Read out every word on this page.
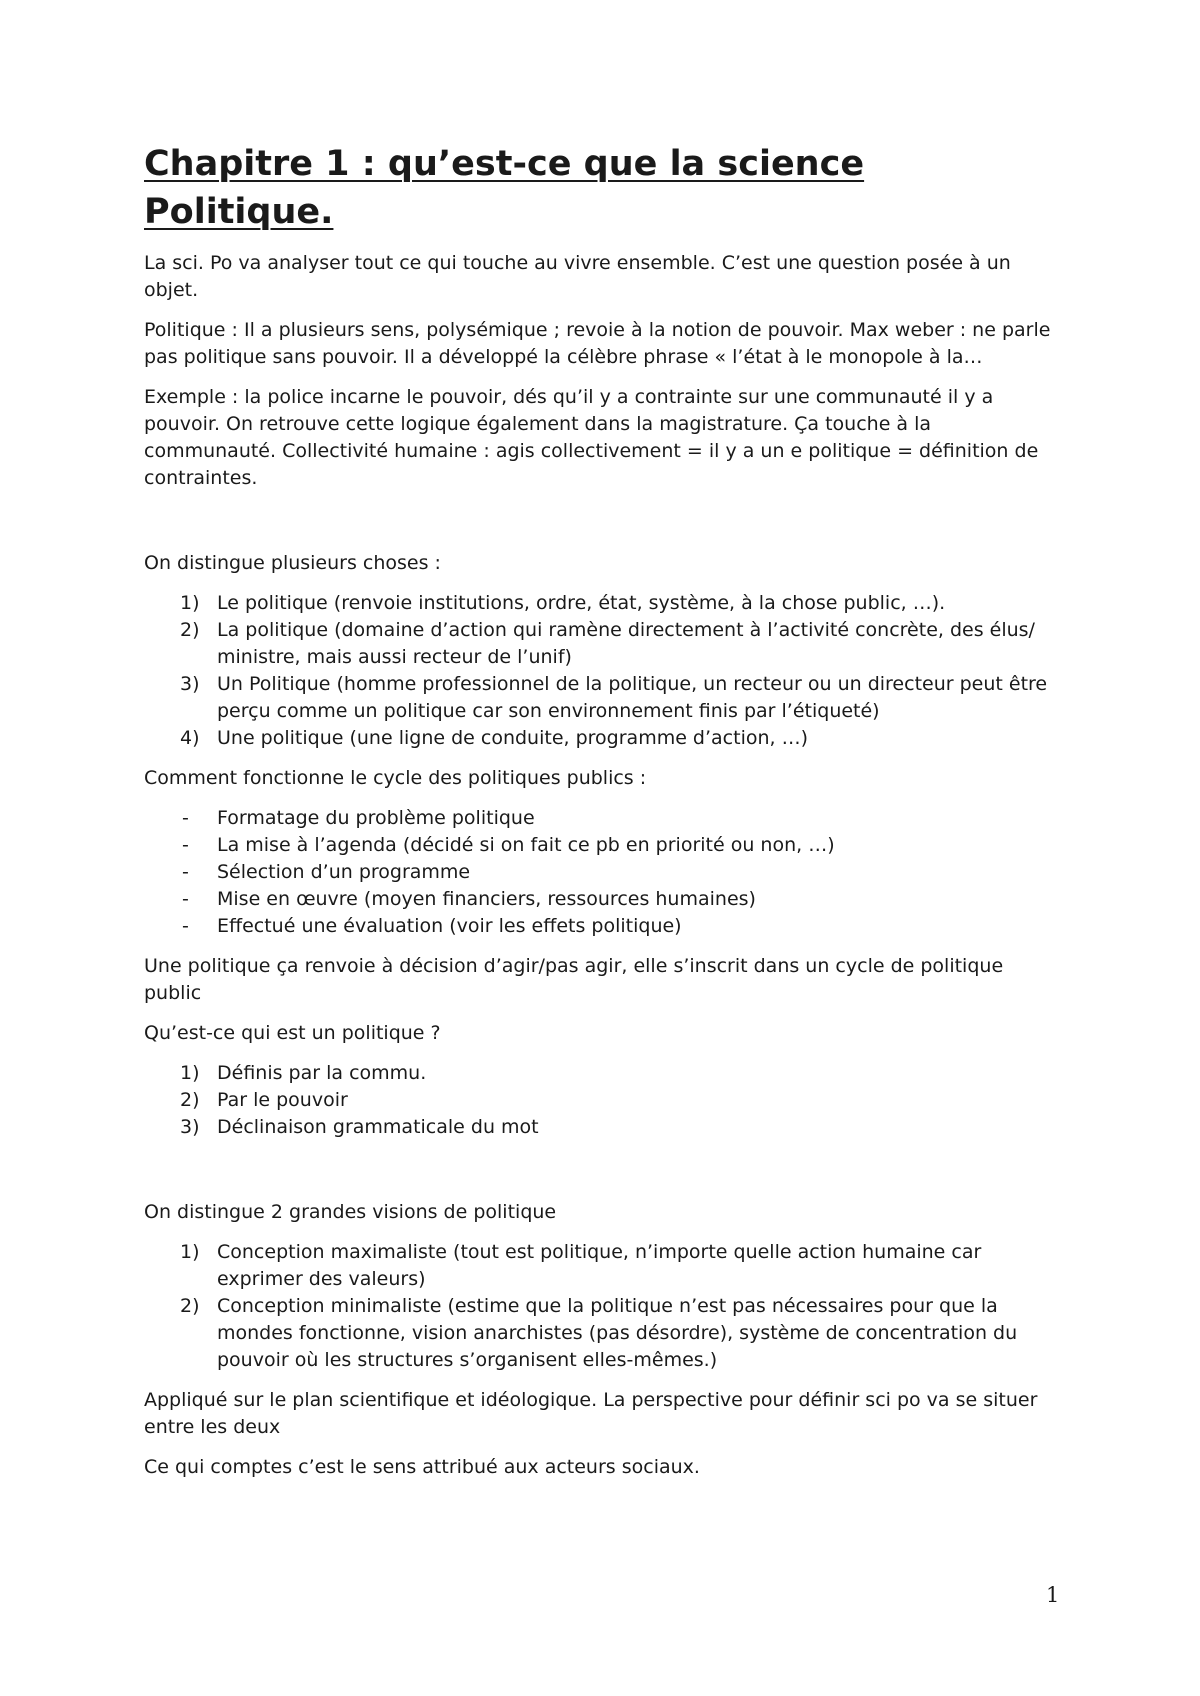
Chapitre 1 : qu’est-ce que la science Politique.

La sci. Po va analyser tout ce qui touche au vivre ensemble. C’est une question posée à un objet.

Politique : Il a plusieurs sens, polysémique ; revoie à la notion de pouvoir. Max weber : ne parle pas politique sans pouvoir. Il a développé la célèbre phrase « l’état à le monopole à la…

Exemple : la police incarne le pouvoir, dés qu’il y a contrainte sur une communauté il y a pouvoir. On retrouve cette logique également dans la magistrature. Ça touche à la communauté. Collectivité humaine : agis collectivement = il y a un e politique = définition de contraintes.

On distingue plusieurs choses :

1) Le politique (renvoie institutions, ordre, état, système, à la chose public, …).
2) La politique (domaine d’action qui ramène directement à l’activité concrète, des élus/ ministre, mais aussi recteur de l’unif)
3) Un Politique (homme professionnel de la politique, un recteur ou un directeur peut être perçu comme un politique car son environnement finis par l’étiqueté)
4) Une politique (une ligne de conduite, programme d’action, …)

Comment fonctionne le cycle des politiques publics :

- Formatage du problème politique
- La mise à l’agenda (décidé si on fait ce pb en priorité ou non, …)
- Sélection d’un programme
- Mise en œuvre (moyen financiers, ressources humaines)
- Effectué une évaluation (voir les effets politique)

Une politique ça renvoie à décision d’agir/pas agir, elle s’inscrit dans un cycle de politique public

Qu’est-ce qui est un politique ?

1) Définis par la commu.
2) Par le pouvoir
3) Déclinaison grammaticale du mot

On distingue 2 grandes visions de politique

1) Conception maximaliste (tout est politique, n’importe quelle action humaine car exprimer des valeurs)
2) Conception minimaliste (estime que la politique n’est pas nécessaires pour que la mondes fonctionne, vision anarchistes (pas désordre), système de concentration du pouvoir où les structures s’organisent elles-mêmes.)

Appliqué sur le plan scientifique et idéologique. La perspective pour définir sci po va se situer entre les deux

Ce qui comptes c’est le sens attribué aux acteurs sociaux.

1
